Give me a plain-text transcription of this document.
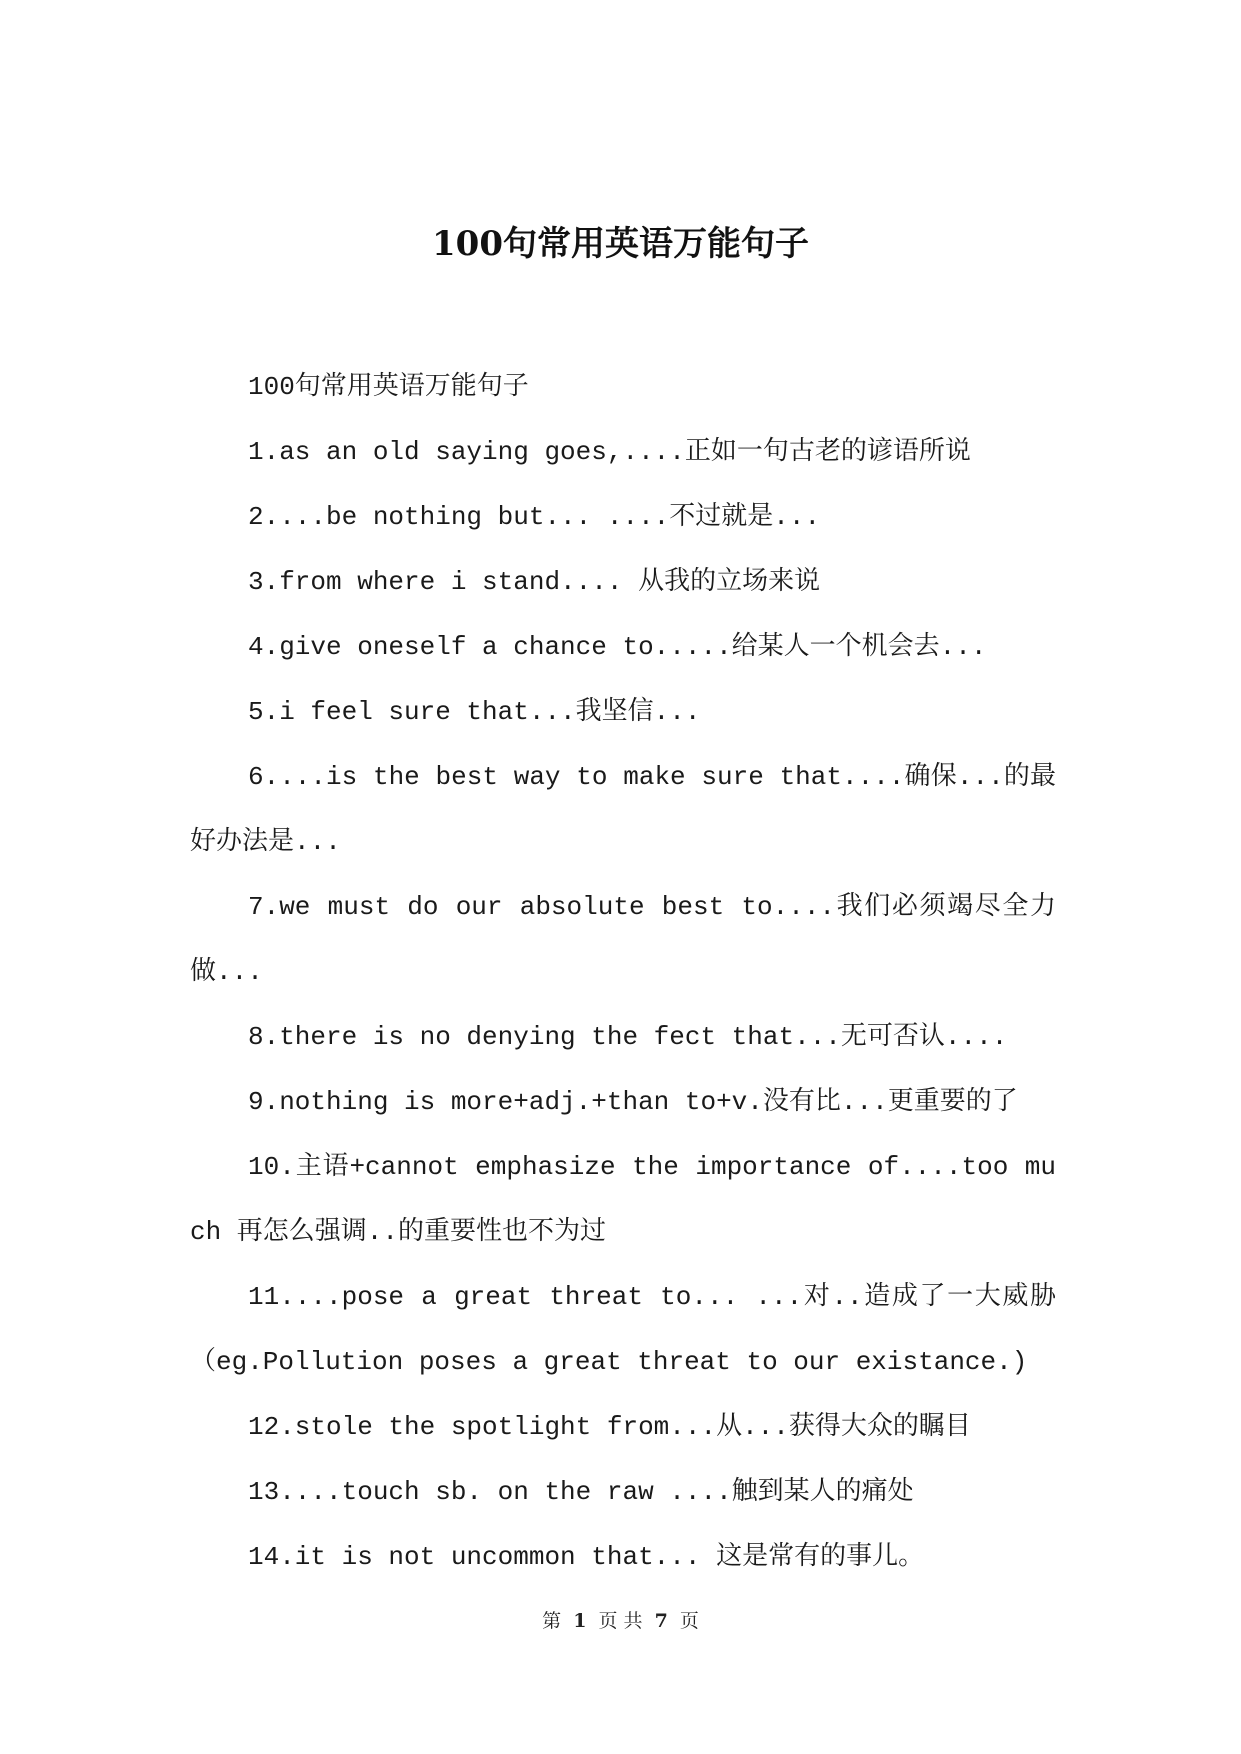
100句常用英语万能句子

100句常用英语万能句子

1.as an old saying goes,....正如一句古老的谚语所说

2....be nothing but... ....不过就是...

3.from where i stand.... 从我的立场来说

4.give oneself a chance to.....给某人一个机会去...

5.i feel sure that...我坚信...

6....is the best way to make sure that....确保...的最好办法是...

7.we must do our absolute best to....我们必须竭尽全力做...

8.there is no denying the fect that...无可否认....

9.nothing is more+adj.+than to+v.没有比...更重要的了

10.主语+cannot emphasize the importance of....too much 再怎么强调..的重要性也不为过

11....pose a great threat to... ...对..造成了一大威胁（eg.Pollution poses a great threat to our existance.)

12.stole the spotlight from...从...获得大众的瞩目

13....touch sb. on the raw ....触到某人的痛处

14.it is not uncommon that... 这是常有的事儿。

第 1 页 共 7 页
